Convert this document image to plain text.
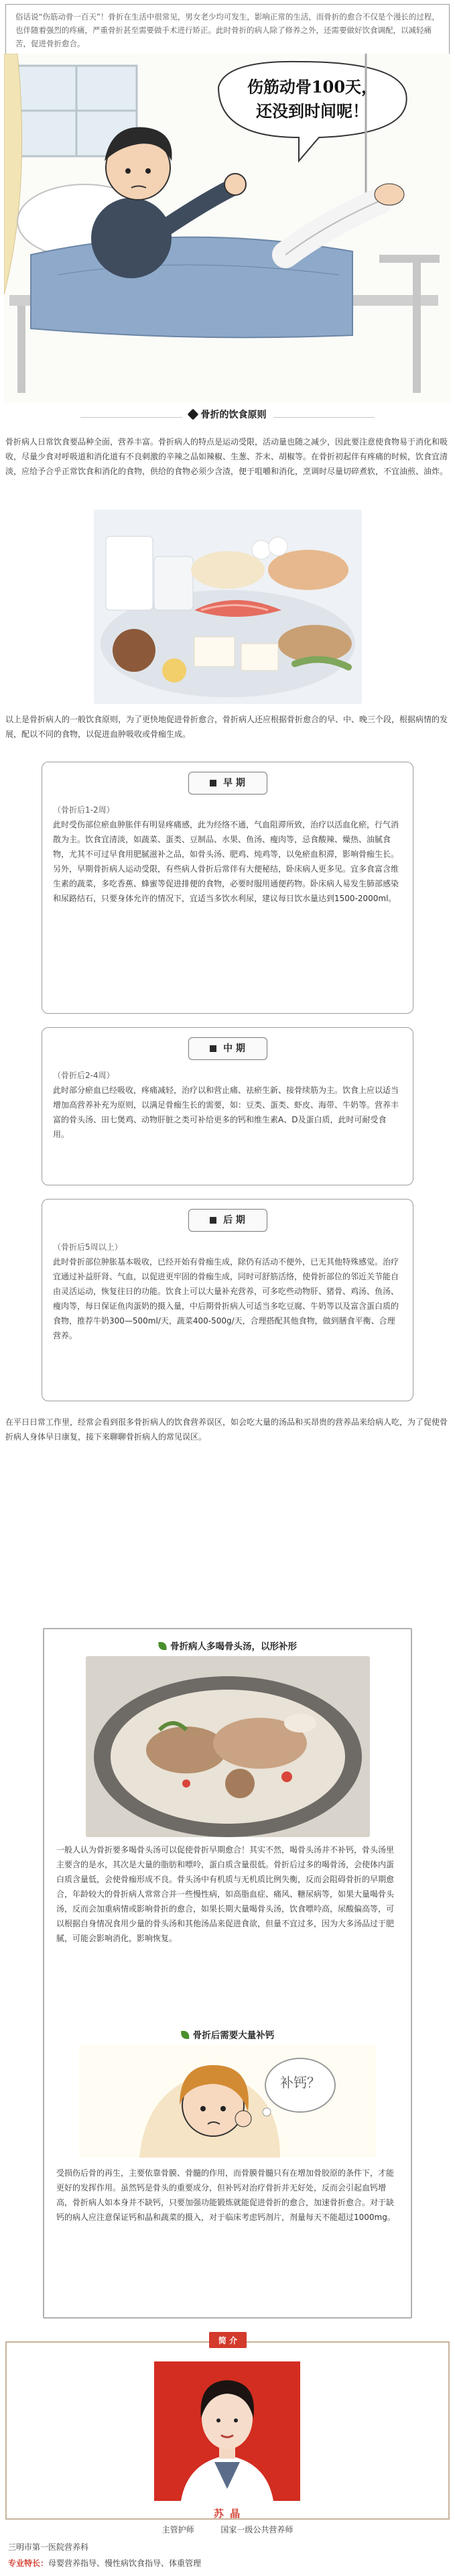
俗话说“伤筋动骨一百天”！骨折在生活中很常见，男女老少均可发生，影响正常的生活，而骨折的愈合不仅是个漫长的过程，也伴随着强烈的疼痛，严重骨折甚至需要做手术进行矫正。此时骨折的病人除了修养之外，还需要做好饮食调配，以减轻痛苦，促进骨折愈合。

伤筋动骨100天，
还没到时间呢！
骨折的饮食原则

骨折病人日常饮食要品种全面，营养丰富。骨折病人的特点是运动受限，活动量也随之减少，因此要注意使食物易于消化和吸收，尽量少食对呼吸道和消化道有不良刺激的辛辣之品如辣椒、生葱、芥末、胡椒等。在骨折初起伴有疼痛的时候，饮食宜清淡，应给予合乎正常饮食和消化的食物，供给的食物必须少含渣，便于咀嚼和消化，烹调时尽量切碎煮软，不宜油煎、油炸。

以上是骨折病人的一般饮食原则，为了更快地促进骨折愈合，骨折病人还应根据骨折愈合的早、中、晚三个段，根据病情的发展，配以不同的食物，以促进血肿吸收或骨痂生成。

早 期

（骨折后1-2周）

此时受伤部位瘀血肿胀伴有明显疼痛感，此为经络不通，气血阻滞所致，治疗以活血化瘀，行气消散为主。饮食宜清淡，如蔬菜、蛋类、豆制品、水果、鱼汤、瘦肉等，忌食酸辣、燥热、油腻食物，尤其不可过早食用肥腻滋补之品，如骨头汤、肥鸡、炖鸡等，以免瘀血积滞，影响骨痂生长。另外，早期骨折病人运动受限，有些病人骨折后常伴有大便秘结，卧床病人更多见。宜多食富含维生素的蔬菜，多吃香蕉、蜂蜜等促进排便的食物，必要时服用通便药物。卧床病人易发生肺部感染和尿路结石，只要身体允许的情况下，宜适当多饮水利尿，建议每日饮水量达到1500-2000ml。

中 期

（骨折后2-4周）

此时部分瘀血已经吸收，疼痛减轻，治疗以和营止痛、祛瘀生新、接骨续筋为主。饮食上应以适当增加高营养补充为原则，以满足骨痂生长的需要，如：豆类、蛋类、虾皮、海带、牛奶等。营养丰富的骨头汤、田七煲鸡、动物肝脏之类可补给更多的钙和维生素A、D及蛋白质，此时可耐受食用。

后 期

（骨折后5周以上）

此时骨折部位肿胀基本吸收，已经开始有骨痂生成，除仍有活动不便外，已无其他特殊感觉。治疗宜通过补益肝肾、气血，以促进更牢固的骨痂生成，同时可舒筋活络，使骨折部位的邻近关节能自由灵活运动，恢复往日的功能。饮食上可以大量补充营养，可多吃些动物肝、猪骨、鸡汤、鱼汤、瘦肉等，每日保证鱼肉蛋奶的摄入量，中后期骨折病人可适当多吃豆腐、牛奶等以及富含蛋白质的食物，推荐牛奶300—500ml/天，蔬菜400-500g/天，合理搭配其他食物，做到膳食平衡、合理营养。

在平日日常工作里，经常会看到很多骨折病人的饮食营养误区，如会吃大量的汤品和买昂贵的营养品来给病人吃，为了促使骨折病人身体早日康复，接下来聊聊骨折病人的常见误区。

骨折病人多喝骨头汤，以形补形

一般人认为骨折要多喝骨头汤可以促使骨折早期愈合！其实不然，喝骨头汤并不补钙，骨头汤里主要含的是水，其次是大量的脂肪和嘌呤，蛋白质含量很低。骨折后过多的喝骨汤，会使体内蛋白质含量低，会使骨痂形成不良。骨头汤中有机质与无机质比例失衡，反而会阻碍骨折的早期愈合，年龄较大的骨折病人常常合并一些慢性病，如高脂血症、痛风、糖尿病等，如果大量喝骨头汤，反而会加重病情或影响骨折的愈合，如果长期大量喝骨头汤，饮食嘌呤高，尿酸偏高等，可以根据自身情况食用少量的骨头汤和其他汤品来促进食欲，但量不宜过多，因为大多汤品过于肥腻，可能会影响消化，影响恢复。

骨折后需要大量补钙

受损伤后骨的再生，主要依靠骨膜、骨髓的作用，而骨膜骨髓只有在增加骨胶原的条件下，才能更好的发挥作用。虽然钙是骨头的重要成分，但补钙对治疗骨折并无好处，反而会引起血钙增高，骨折病人如本身并不缺钙，只要加强功能锻炼就能促进骨折的愈合，加速骨折愈合。对于缺钙的病人应注意保证钙和晶和蔬菜的摄入，对于临床考虑钙剂片，剂量每天不能超过1000mg。

补钙？
简 介
苏 晶
主管护师	国家一级公共营养师
三明市第一医院营养科
专业特长：母婴营养指导、慢性病饮食指导、体重管理
